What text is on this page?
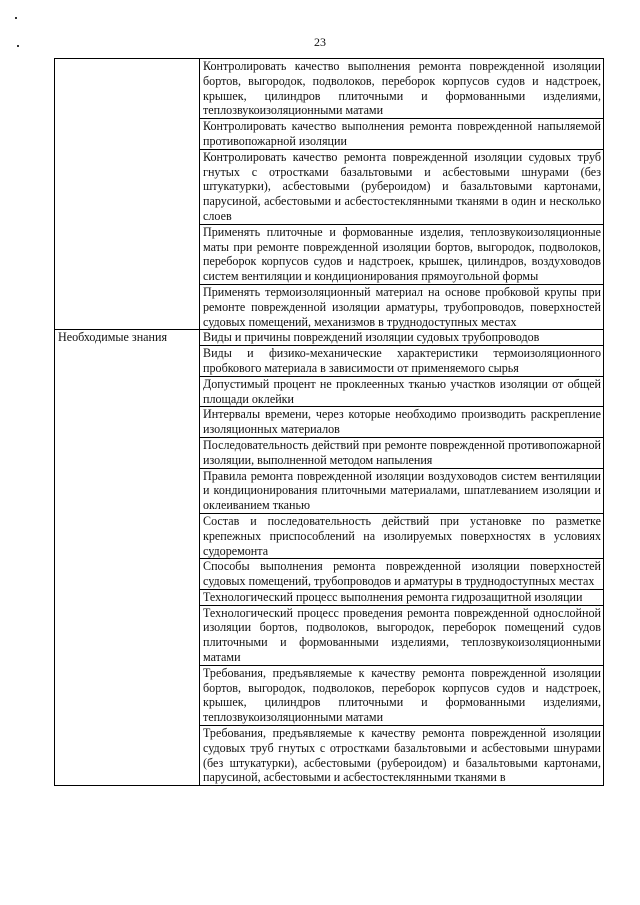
23
	Контролировать качество выполнения ремонта поврежденной изоляции бортов, выгородок, подволоков, переборок корпусов судов и надстроек, крышек, цилиндров плиточными и формованными изделиями, теплозвукоизоляционными матами
	Контролировать качество выполнения ремонта поврежденной напыляемой противопожарной изоляции
	Контролировать качество ремонта поврежденной изоляции судовых труб гнутых с отростками базальтовыми и асбестовыми шнурами (без штукатурки), асбестовыми (рубероидом) и базальтовыми картонами, парусиной, асбестовыми и асбестостеклянными тканями в один и несколько слоев
	Применять плиточные и формованные изделия, теплозвукоизоляционные маты при ремонте поврежденной изоляции бортов, выгородок, подволоков, переборок корпусов судов и надстроек, крышек, цилиндров, воздуховодов систем вентиляции и кондиционирования прямоугольной формы
	Применять термоизоляционный материал на основе пробковой крупы при ремонте поврежденной изоляции арматуры, трубопроводов, поверхностей судовых помещений, механизмов в труднодоступных местах
Необходимые знания	Виды и причины повреждений изоляции судовых трубопроводов
	Виды и физико-механические характеристики термоизоляционного пробкового материала в зависимости от применяемого сырья
	Допустимый процент не проклеенных тканью участков изоляции от общей площади оклейки
	Интервалы времени, через которые необходимо производить раскрепление изоляционных материалов
	Последовательность действий при ремонте поврежденной противопожарной изоляции, выполненной методом напыления
	Правила ремонта поврежденной изоляции воздуховодов систем вентиляции и кондиционирования плиточными материалами, шпатлеванием изоляции и оклеиванием тканью
	Состав и последовательность действий при установке по разметке крепежных приспособлений на изолируемых поверхностях в условиях судоремонта
	Способы выполнения ремонта поврежденной изоляции поверхностей судовых помещений, трубопроводов и арматуры в труднодоступных местах
	Технологический процесс выполнения ремонта гидрозащитной изоляции
	Технологический процесс проведения ремонта поврежденной однослойной изоляции бортов, подволоков, выгородок, переборок помещений судов плиточными и формованными изделиями, теплозвукоизоляционными матами
	Требования, предъявляемые к качеству ремонта поврежденной изоляции бортов, выгородок, подволоков, переборок корпусов судов и надстроек, крышек, цилиндров плиточными и формованными изделиями, теплозвукоизоляционными матами
	Требования, предъявляемые к качеству ремонта поврежденной изоляции судовых труб гнутых с отростками базальтовыми и асбестовыми шнурами (без штукатурки), асбестовыми (рубероидом) и базальтовыми картонами, парусиной, асбестовыми и асбестостеклянными тканями в
